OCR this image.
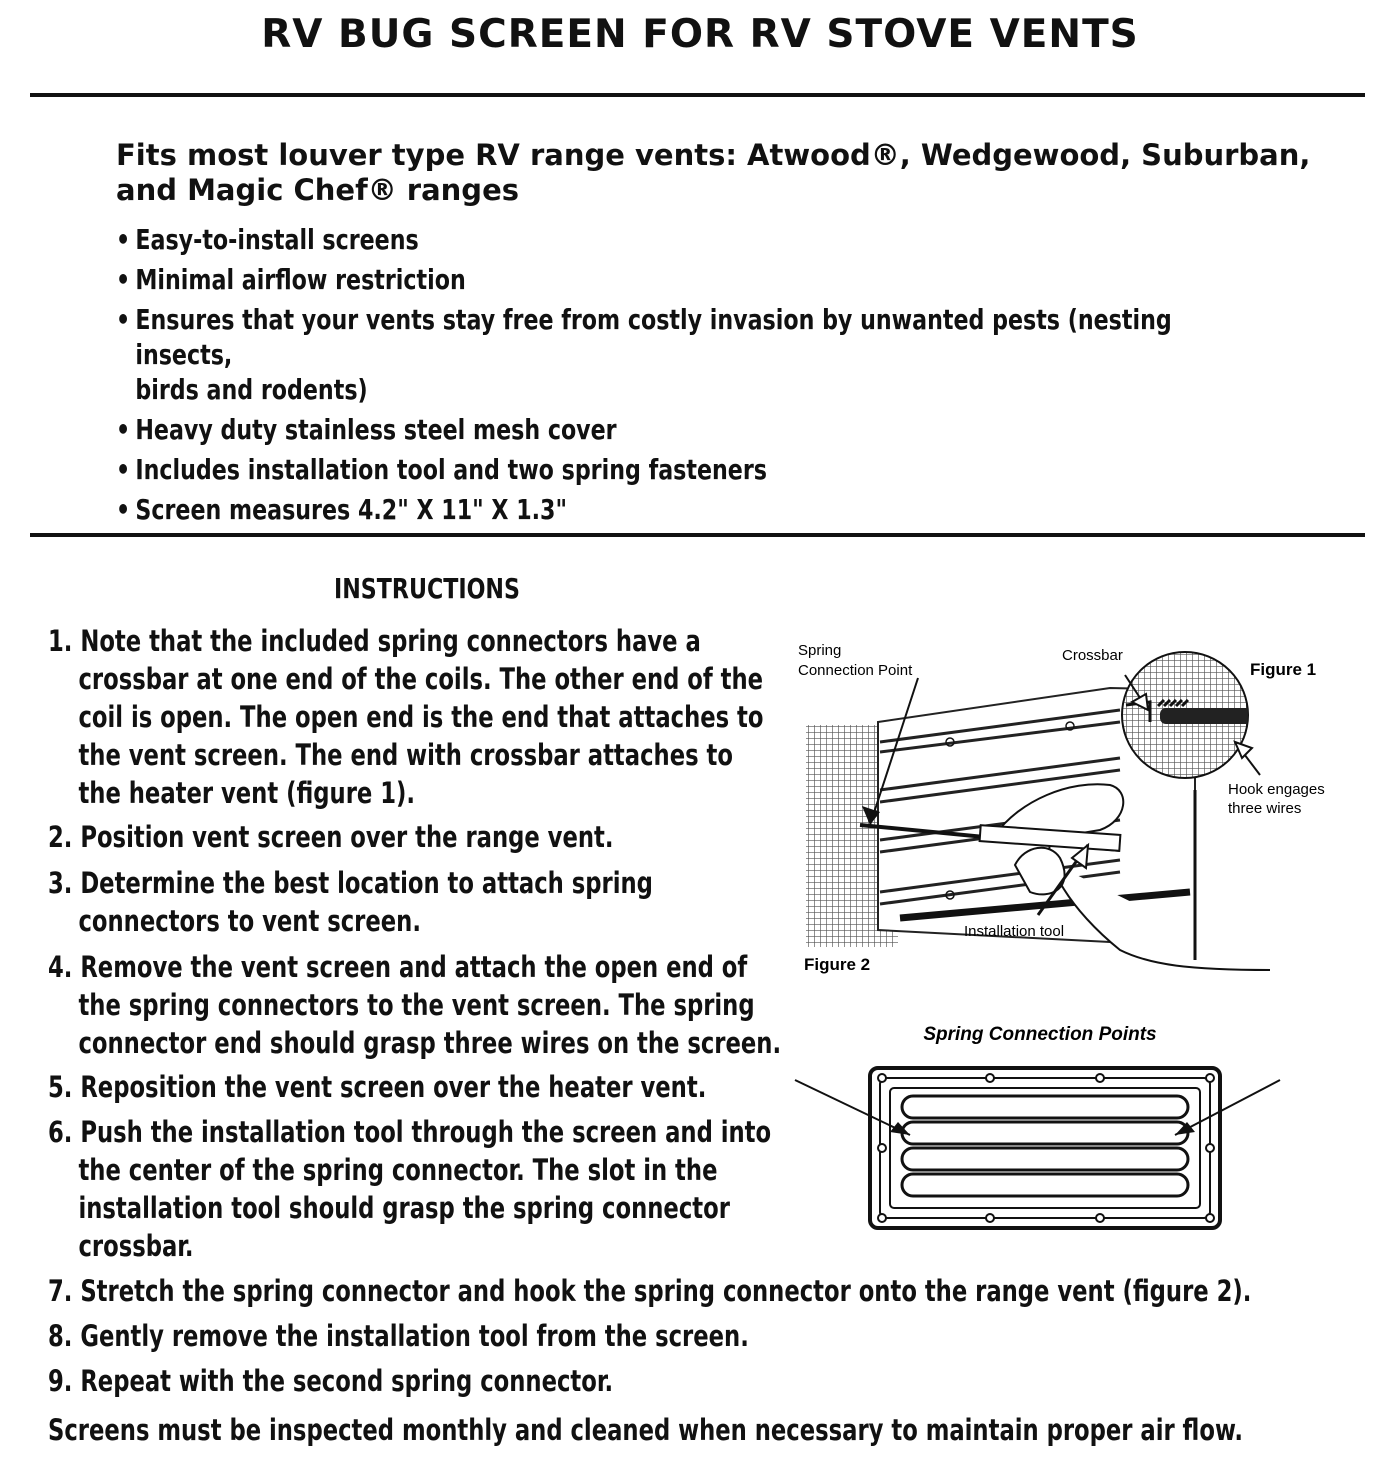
RV BUG SCREEN FOR RV STOVE VENTS
Fits most louver type RV range vents: Atwood®, Wedgewood, Suburban,
and Magic Chef® ranges
• Easy-to-install screens
• Minimal airflow restriction
• Ensures that your vents stay free from costly invasion by unwanted pests (nesting insects,
birds and rodents)
• Heavy duty stainless steel mesh cover
• Includes installation tool and two spring fasteners
• Screen measures 4.2" X 11" X 1.3"
INSTRUCTIONS
1. Note that the included spring connectors have a
crossbar at one end of the coils. The other end of the
coil is open. The open end is the end that attaches to
the vent screen. The end with crossbar attaches to
the heater vent (figure 1).
2. Position vent screen over the range vent.
3. Determine the best location to attach spring
connectors to vent screen.
4. Remove the vent screen and attach the open end of
the spring connectors to the vent screen. The spring
connector end should grasp three wires on the screen.
5. Reposition the vent screen over the heater vent.
6. Push the installation tool through the screen and into
the center of the spring connector. The slot in the
installation tool should grasp the spring connector
crossbar.
7. Stretch the spring connector and hook the spring connector onto the range vent (figure 2).
8. Gently remove the installation tool from the screen.
9. Repeat with the second spring connector.
Screens must be inspected monthly and cleaned when necessary to maintain proper air flow.
Spring
Connection Point
Crossbar
Figure 1
Hook engages
three wires
Installation tool
Figure 2
Spring Connection Points
